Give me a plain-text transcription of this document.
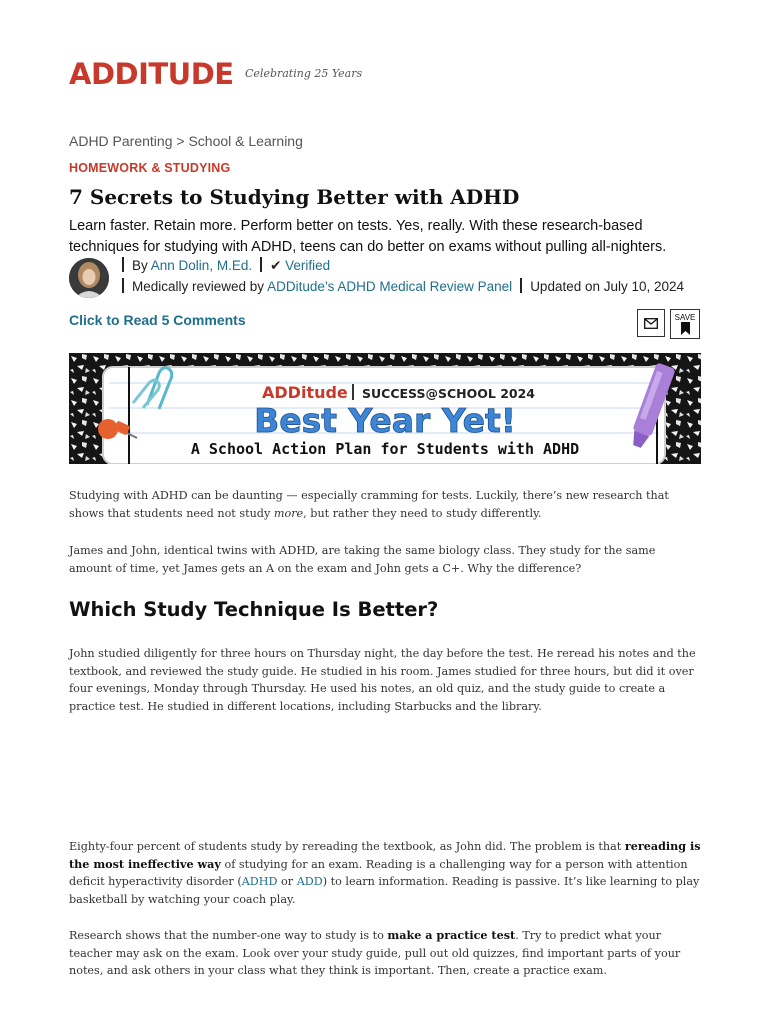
ADDITUDE Celebrating 25 Years
ADHD Parenting > School & Learning
HOMEWORK & STUDYING
7 Secrets to Studying Better with ADHD
Learn faster. Retain more. Perform better on tests. Yes, really. With these research-based techniques for studying with ADHD, teens can do better on exams without pulling all-nighters.
By Ann Dolin, M.Ed. ✔ Verified
Medically reviewed by ADDitude’s ADHD Medical Review Panel Updated on July 10, 2024
Click to Read 5 Comments	SAVE
ADDitude SUCCESS@SCHOOL 2024
Best Year Yet!
A School Action Plan for Students with ADHD
Studying with ADHD can be daunting — especially cramming for tests. Luckily, there’s new research that shows that students need not study more, but rather they need to study differently.
James and John, identical twins with ADHD, are taking the same biology class. They study for the same amount of time, yet James gets an A on the exam and John gets a C+. Why the difference?
Which Study Technique Is Better?
John studied diligently for three hours on Thursday night, the day before the test. He reread his notes and the textbook, and reviewed the study guide. He studied in his room. James studied for three hours, but did it over four evenings, Monday through Thursday. He used his notes, an old quiz, and the study guide to create a practice test. He studied in different locations, including Starbucks and the library.
Eighty-four percent of students study by rereading the textbook, as John did. The problem is that rereading is the most ineffective way of studying for an exam. Reading is a challenging way for a person with attention deficit hyperactivity disorder (ADHD or ADD) to learn information. Reading is passive. It’s like learning to play basketball by watching your coach play.
Research shows that the number-one way to study is to make a practice test. Try to predict what your teacher may ask on the exam. Look over your study guide, pull out old quizzes, find important parts of your notes, and ask others in your class what they think is important. Then, create a practice exam.
